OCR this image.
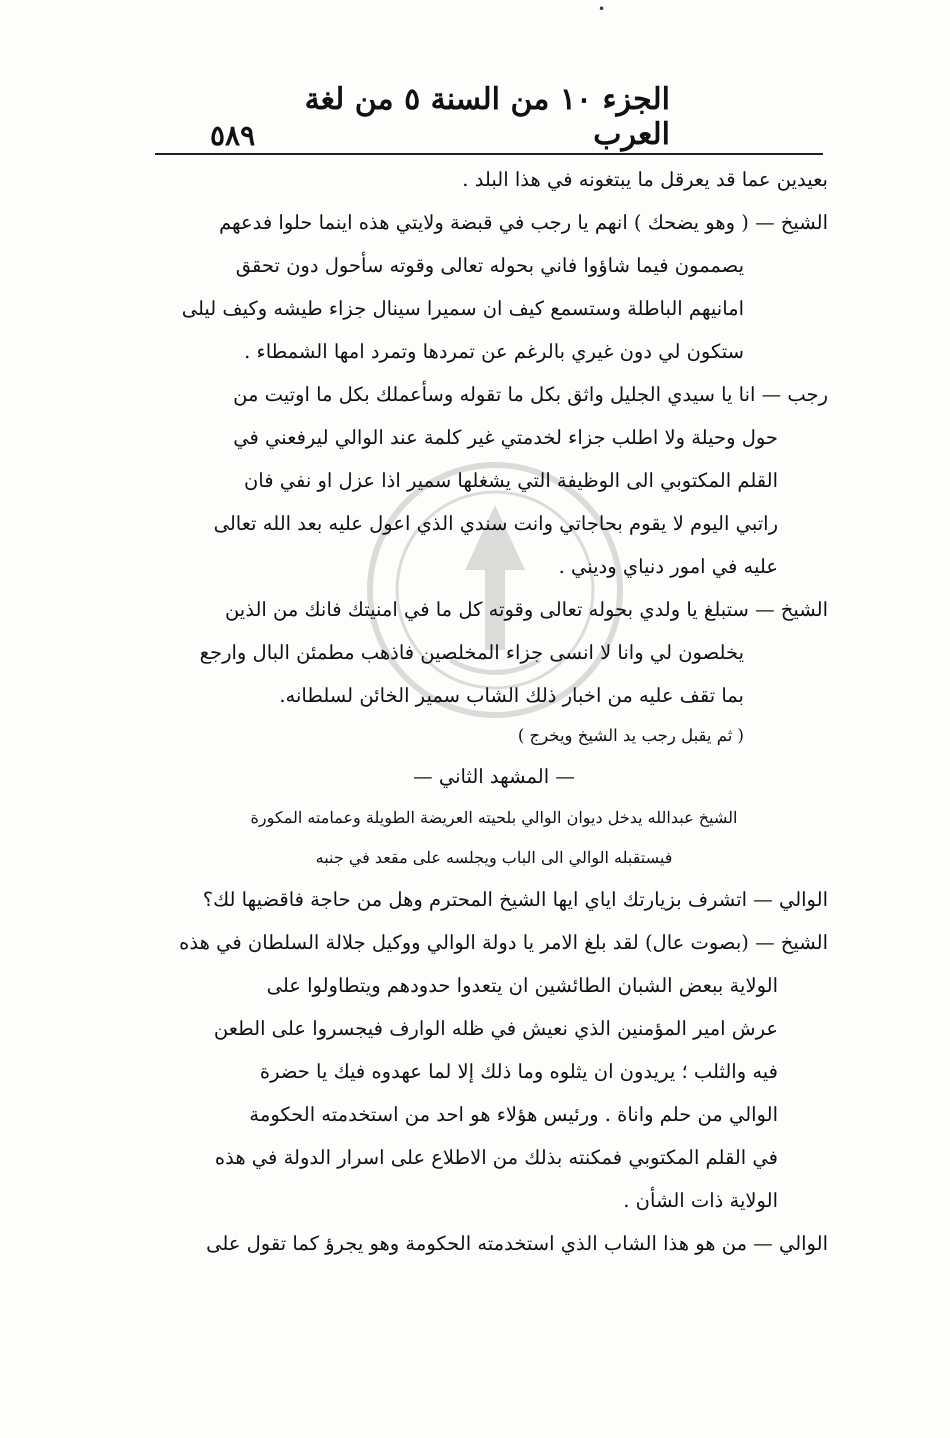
٥٨٩
الجزء ١٠ من السنة ٥ من لغة العرب
بعيدين عما قد يعرقل ما يبتغونه في هذا البلد .
الشيخ — ( وهو يضحك ) انهم يا رجب في قبضة ولايتي هذه اينما حلوا فدعهم
يصممون فيما شاؤوا فاني بحوله تعالى وقوته سأحول دون تحقق
امانيهم الباطلة وستسمع كيف ان سميرا سينال جزاء طيشه وكيف ليلى
ستكون لي دون غيري بالرغم عن تمردها وتمرد امها الشمطاء .
رجب — انا يا سيدي الجليل واثق بكل ما تقوله وسأعملك بكل ما اوتيت من
حول وحيلة ولا اطلب جزاء لخدمتي غير كلمة عند الوالي ليرفعني في
القلم المكتوبي الى الوظيفة التي يشغلها سمير اذا عزل او نفي فان
راتبي اليوم لا يقوم بحاجاتي وانت سندي الذي اعول عليه بعد الله تعالى
عليه في امور دنياي وديني .
الشيخ — ستبلغ يا ولدي بحوله تعالى وقوته كل ما في امنيتك فانك من الذين
يخلصون لي وانا لا انسى جزاء المخلصين فاذهب مطمئن البال وارجع
بما تقف عليه من اخبار ذلك الشاب سمير الخائن لسلطانه.
( ثم يقبل رجب يد الشيخ ويخرج )
— المشهد الثاني —
الشيخ عبدالله يدخل ديوان الوالي بلحيته العريضة الطويلة وعمامته المكورة
فيستقبله الوالي الى الباب ويجلسه على مقعد في جنبه
الوالي — اتشرف بزيارتك اياي ايها الشيخ المحترم وهل من حاجة فاقضيها لك؟
الشيخ — (بصوت عال) لقد بلغ الامر يا دولة الوالي ووكيل جلالة السلطان في هذه
الولاية ببعض الشبان الطائشين ان يتعدوا حدودهم ويتطاولوا على
عرش امير المؤمنين الذي نعيش في ظله الوارف فيجسروا على الطعن
فيه والثلب ؛ يريدون ان يثلوه وما ذلك إلا لما عهدوه فيك يا حضرة
الوالي من حلم واناة . ورئيس هؤلاء هو احد من استخدمته الحكومة
في القلم المكتوبي فمكنته بذلك من الاطلاع على اسرار الدولة في هذه
الولاية ذات الشأن .
الوالي — من هو هذا الشاب الذي استخدمته الحكومة وهو يجرؤ كما تقول على
•
